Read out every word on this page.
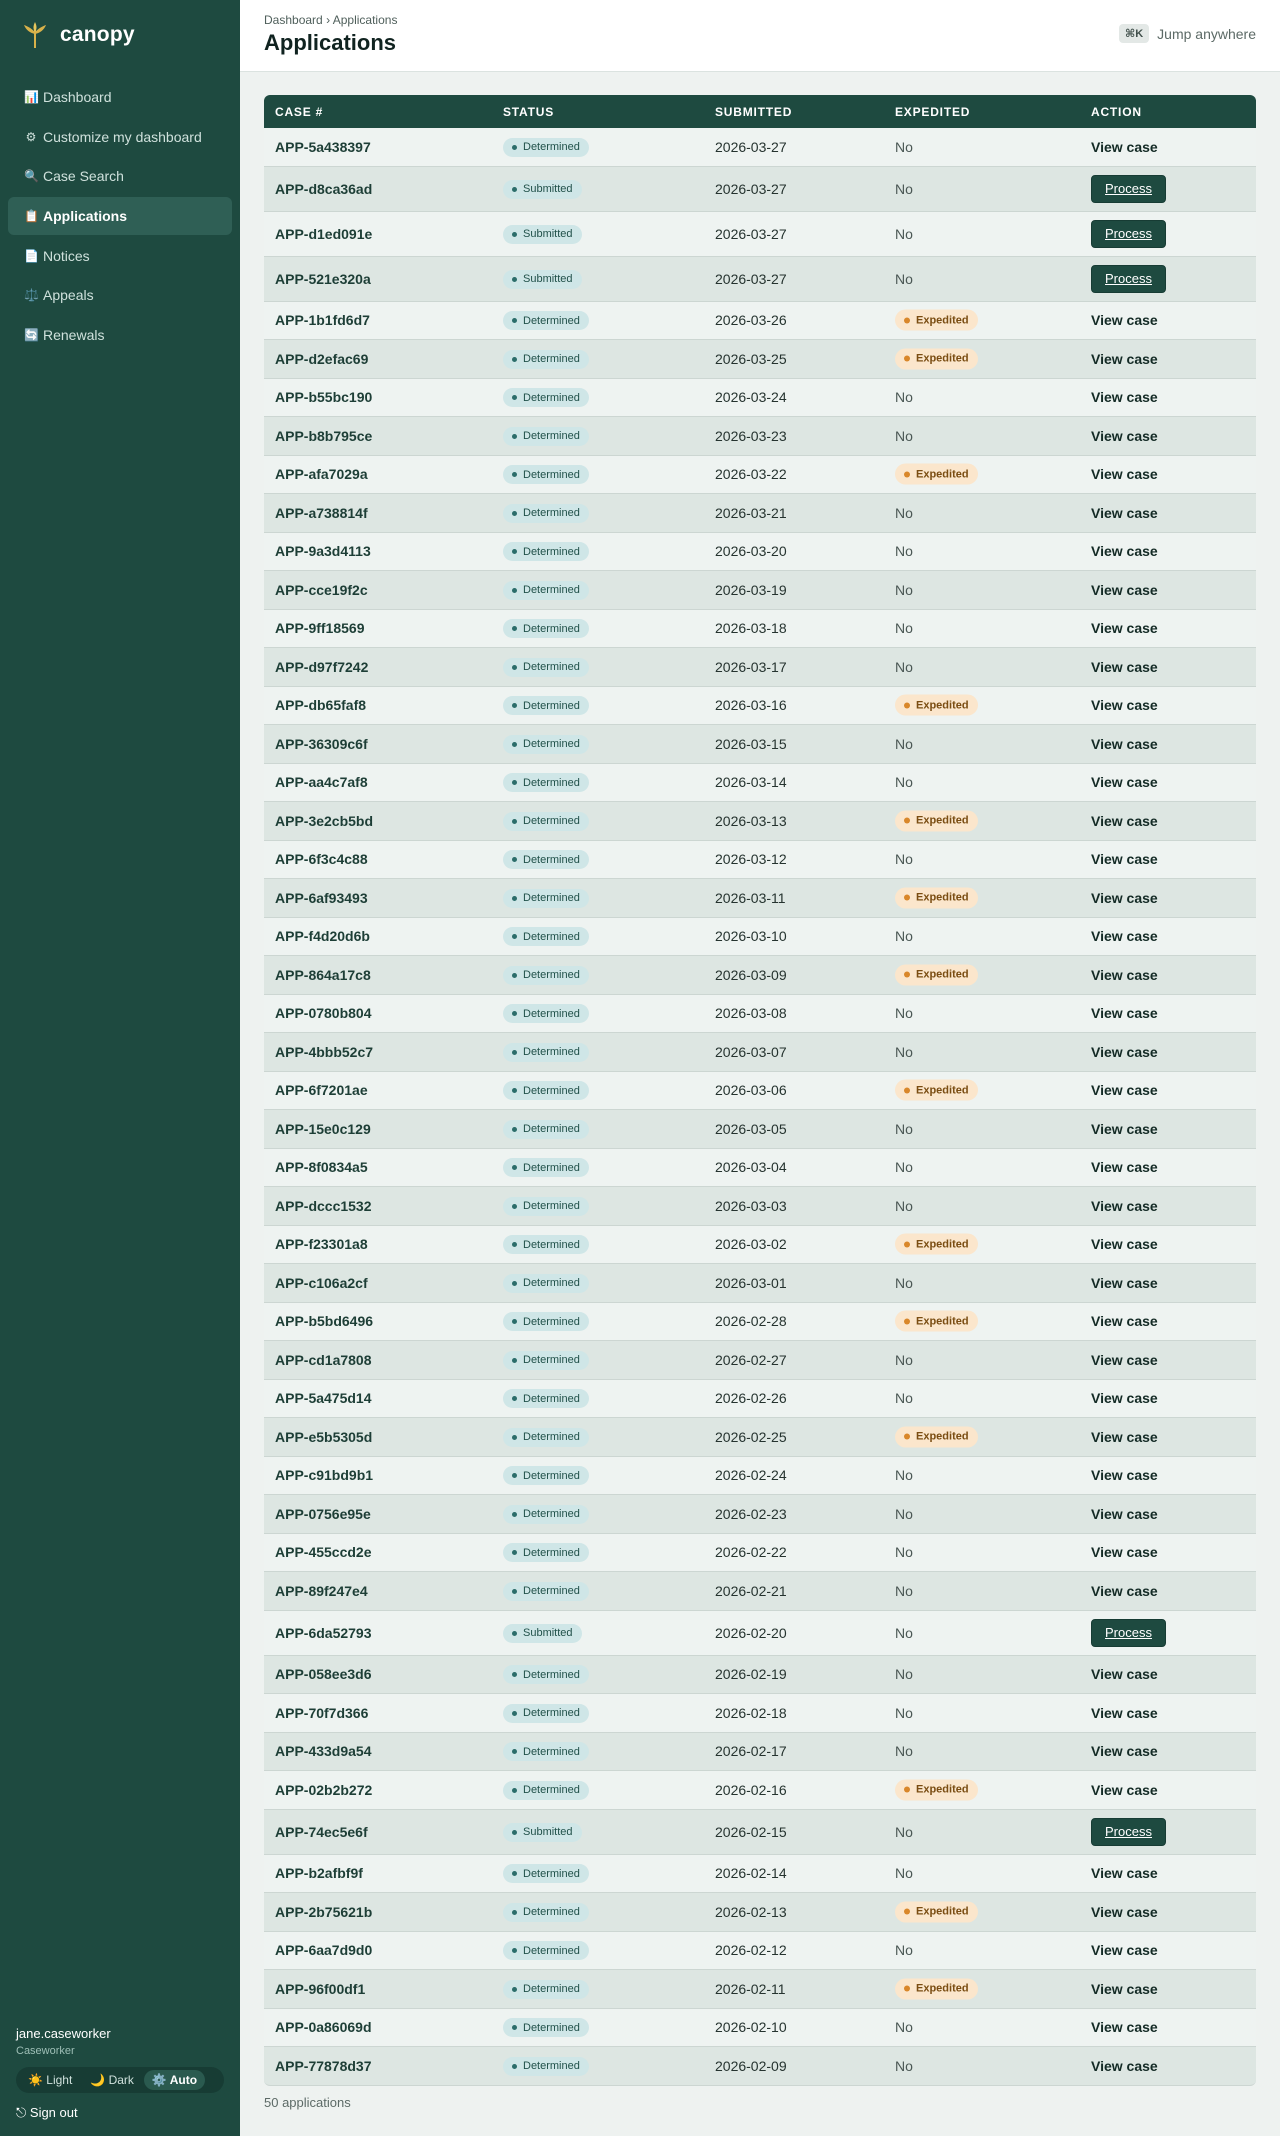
canopy
📊 Dashboard
⚙ Customize my dashboard
🔍 Case Search
📋 Applications
📄 Notices
⚖️ Appeals
🔄 Renewals
jane.caseworker
Caseworker
☀️ Light	🌙 Dark	⚙️ Auto
⎋ Sign out
Dashboard › Applications
Applications	⌘K	Jump anywhere
CASE #	STATUS	SUBMITTED	EXPEDITED	ACTION
APP-5a438397	Determined	2026-03-27	No	View case
APP-d8ca36ad	Submitted	2026-03-27	No	Process
APP-d1ed091e	Submitted	2026-03-27	No	Process
APP-521e320a	Submitted	2026-03-27	No	Process
APP-1b1fd6d7	Determined	2026-03-26	Expedited	View case
APP-d2efac69	Determined	2026-03-25	Expedited	View case
APP-b55bc190	Determined	2026-03-24	No	View case
APP-b8b795ce	Determined	2026-03-23	No	View case
APP-afa7029a	Determined	2026-03-22	Expedited	View case
APP-a738814f	Determined	2026-03-21	No	View case
APP-9a3d4113	Determined	2026-03-20	No	View case
APP-cce19f2c	Determined	2026-03-19	No	View case
APP-9ff18569	Determined	2026-03-18	No	View case
APP-d97f7242	Determined	2026-03-17	No	View case
APP-db65faf8	Determined	2026-03-16	Expedited	View case
APP-36309c6f	Determined	2026-03-15	No	View case
APP-aa4c7af8	Determined	2026-03-14	No	View case
APP-3e2cb5bd	Determined	2026-03-13	Expedited	View case
APP-6f3c4c88	Determined	2026-03-12	No	View case
APP-6af93493	Determined	2026-03-11	Expedited	View case
APP-f4d20d6b	Determined	2026-03-10	No	View case
APP-864a17c8	Determined	2026-03-09	Expedited	View case
APP-0780b804	Determined	2026-03-08	No	View case
APP-4bbb52c7	Determined	2026-03-07	No	View case
APP-6f7201ae	Determined	2026-03-06	Expedited	View case
APP-15e0c129	Determined	2026-03-05	No	View case
APP-8f0834a5	Determined	2026-03-04	No	View case
APP-dccc1532	Determined	2026-03-03	No	View case
APP-f23301a8	Determined	2026-03-02	Expedited	View case
APP-c106a2cf	Determined	2026-03-01	No	View case
APP-b5bd6496	Determined	2026-02-28	Expedited	View case
APP-cd1a7808	Determined	2026-02-27	No	View case
APP-5a475d14	Determined	2026-02-26	No	View case
APP-e5b5305d	Determined	2026-02-25	Expedited	View case
APP-c91bd9b1	Determined	2026-02-24	No	View case
APP-0756e95e	Determined	2026-02-23	No	View case
APP-455ccd2e	Determined	2026-02-22	No	View case
APP-89f247e4	Determined	2026-02-21	No	View case
APP-6da52793	Submitted	2026-02-20	No	Process
APP-058ee3d6	Determined	2026-02-19	No	View case
APP-70f7d366	Determined	2026-02-18	No	View case
APP-433d9a54	Determined	2026-02-17	No	View case
APP-02b2b272	Determined	2026-02-16	Expedited	View case
APP-74ec5e6f	Submitted	2026-02-15	No	Process
APP-b2afbf9f	Determined	2026-02-14	No	View case
APP-2b75621b	Determined	2026-02-13	Expedited	View case
APP-6aa7d9d0	Determined	2026-02-12	No	View case
APP-96f00df1	Determined	2026-02-11	Expedited	View case
APP-0a86069d	Determined	2026-02-10	No	View case
APP-77878d37	Determined	2026-02-09	No	View case
50 applications
